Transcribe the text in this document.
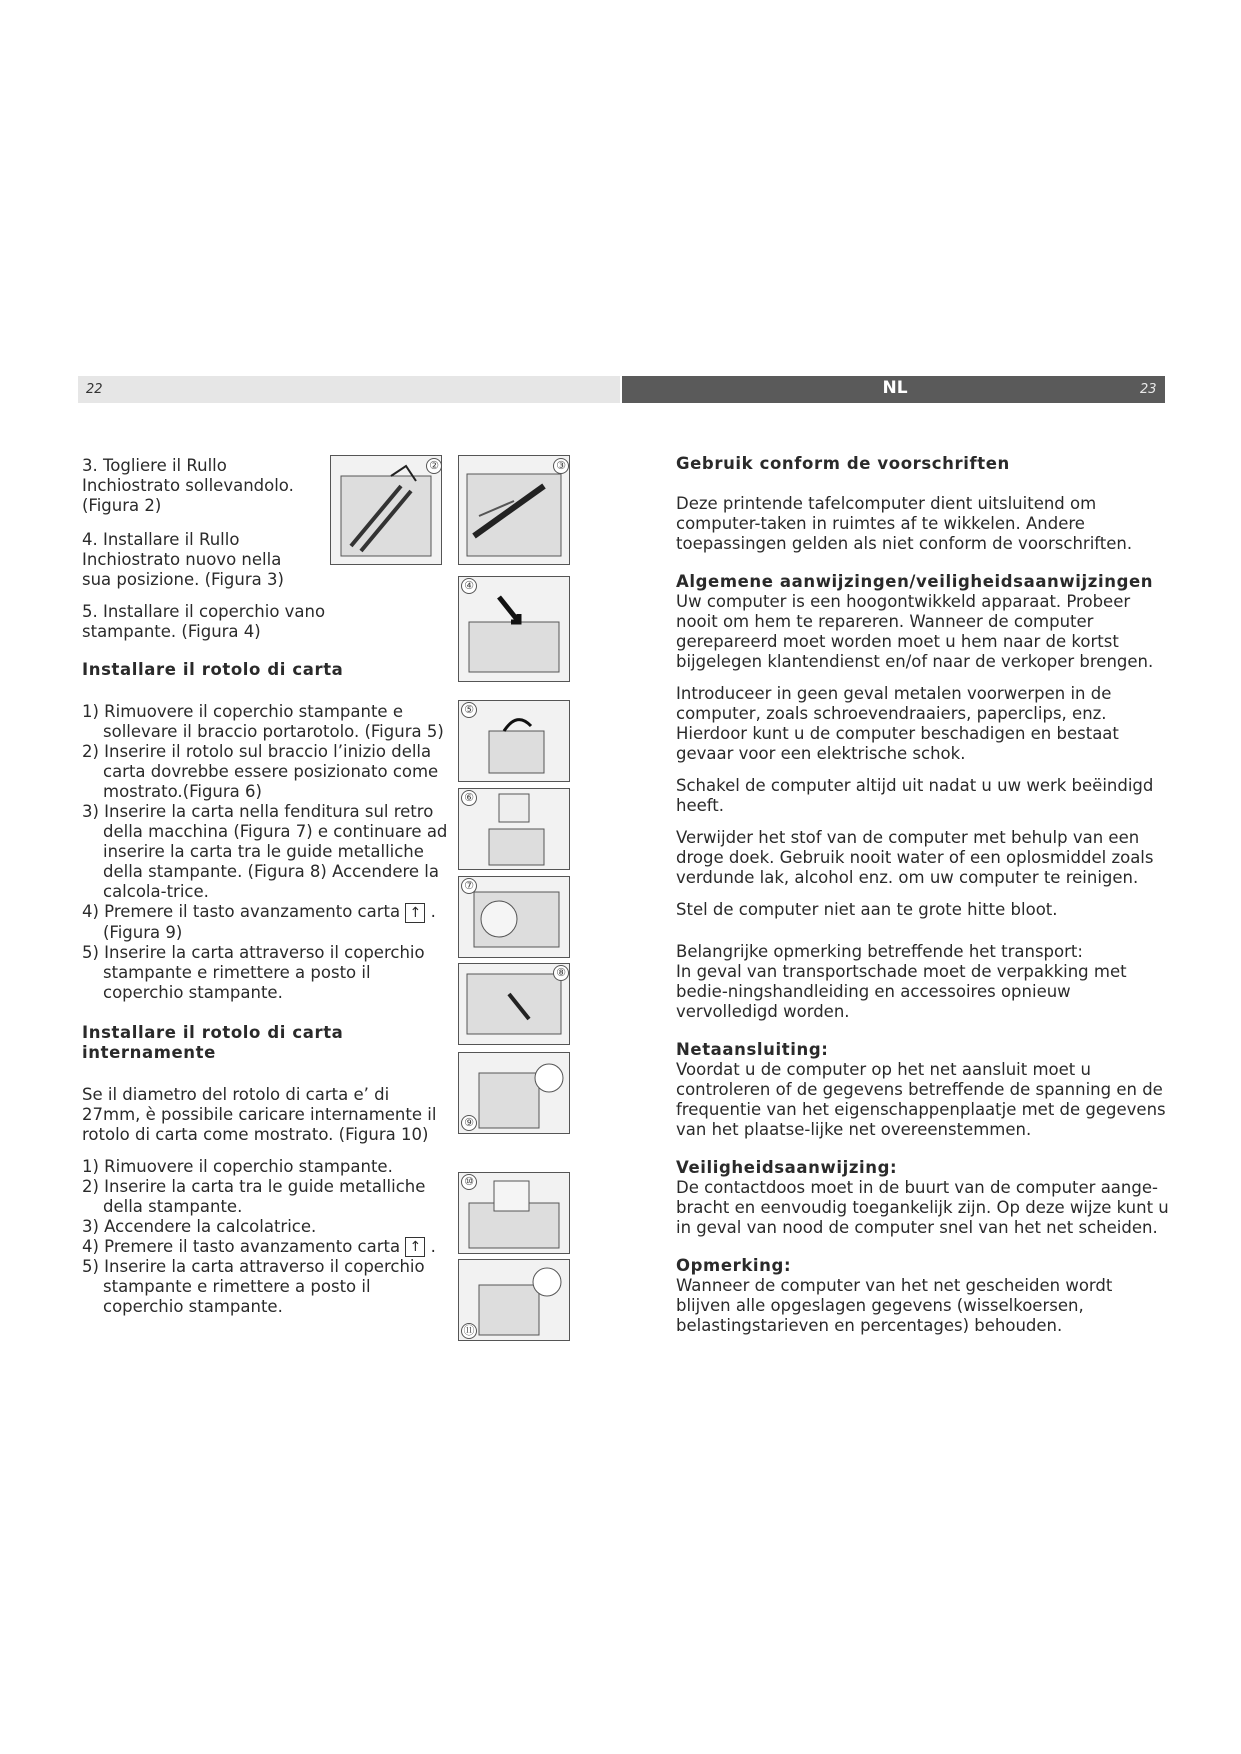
22	NL	23

3. Togliere il Rullo Inchiostrato sollevandolo. (Figura 2)

4. Installare il Rullo Inchiostrato nuovo nella sua posizione. (Figura 3)

5. Installare il coperchio vano stampante. (Figura 4)

Installare il rotolo di carta
1) Rimuovere il coperchio stampante e sollevare il braccio portarotolo. (Figura 5)
2) Inserire il rotolo sul braccio l’inizio della carta dovrebbe essere posizionato come mostrato.(Figura 6)
3) Inserire la carta nella fenditura sul retro della macchina (Figura 7) e continuare ad inserire la carta tra le guide metalliche della stampante. (Figura 8) Accendere la calcola-trice.
4) Premere il tasto avanzamento carta ↑ . (Figura 9)
5) Inserire la carta attraverso il coperchio stampante e rimettere a posto il coperchio stampante.
Installare il rotolo di carta internamente

Se il diametro del rotolo di carta e’ di 27mm, è possibile caricare internamente il rotolo di carta come mostrato. (Figura 10)

1) Rimuovere il coperchio stampante.
2) Inserire la carta tra le guide metalliche della stampante.
3) Accendere la calcolatrice.
4) Premere il tasto avanzamento carta ↑ .
5) Inserire la carta attraverso il coperchio stampante e rimettere a posto il coperchio stampante.
②	③
④
⑤
⑥
⑦
⑧
⑨
⑩
⑪
Gebruik conform de voorschriften

Deze printende tafelcomputer dient uitsluitend om computer-taken in ruimtes af te wikkelen. Andere toepassingen gelden als niet conform de voorschriften.

Algemene aanwijzingen/veiligheidsaanwijzingen

Uw computer is een hoogontwikkeld apparaat. Probeer nooit om hem te repareren. Wanneer de computer gerepareerd moet worden moet u hem naar de kortst bijgelegen klantendienst en/of naar de verkoper brengen.

Introduceer in geen geval metalen voorwerpen in de computer, zoals schroevendraaiers, paperclips, enz. Hierdoor kunt u de computer beschadigen en bestaat gevaar voor een elektrische schok.

Schakel de computer altijd uit nadat u uw werk beëindigd heeft.

Verwijder het stof van de computer met behulp van een droge doek. Gebruik nooit water of een oplosmiddel zoals verdunde lak, alcohol enz. om uw computer te reinigen.

Stel de computer niet aan te grote hitte bloot.

Belangrijke opmerking betreffende het transport:
In geval van transportschade moet de verpakking met bedie-ningshandleiding en accessoires opnieuw vervolledigd worden.

Netaansluiting:

Voordat u de computer op het net aansluit moet u controleren of de gegevens betreffende de spanning en de frequentie van het eigenschappenplaatje met de gegevens van het plaatse-lijke net overeenstemmen.

Veiligheidsaanwijzing:

De contactdoos moet in de buurt van de computer aange-bracht en eenvoudig toegankelijk zijn. Op deze wijze kunt u in geval van nood de computer snel van het net scheiden.

Opmerking:

Wanneer de computer van het net gescheiden wordt blijven alle opgeslagen gegevens (wisselkoersen, belastingstarieven en percentages) behouden.
